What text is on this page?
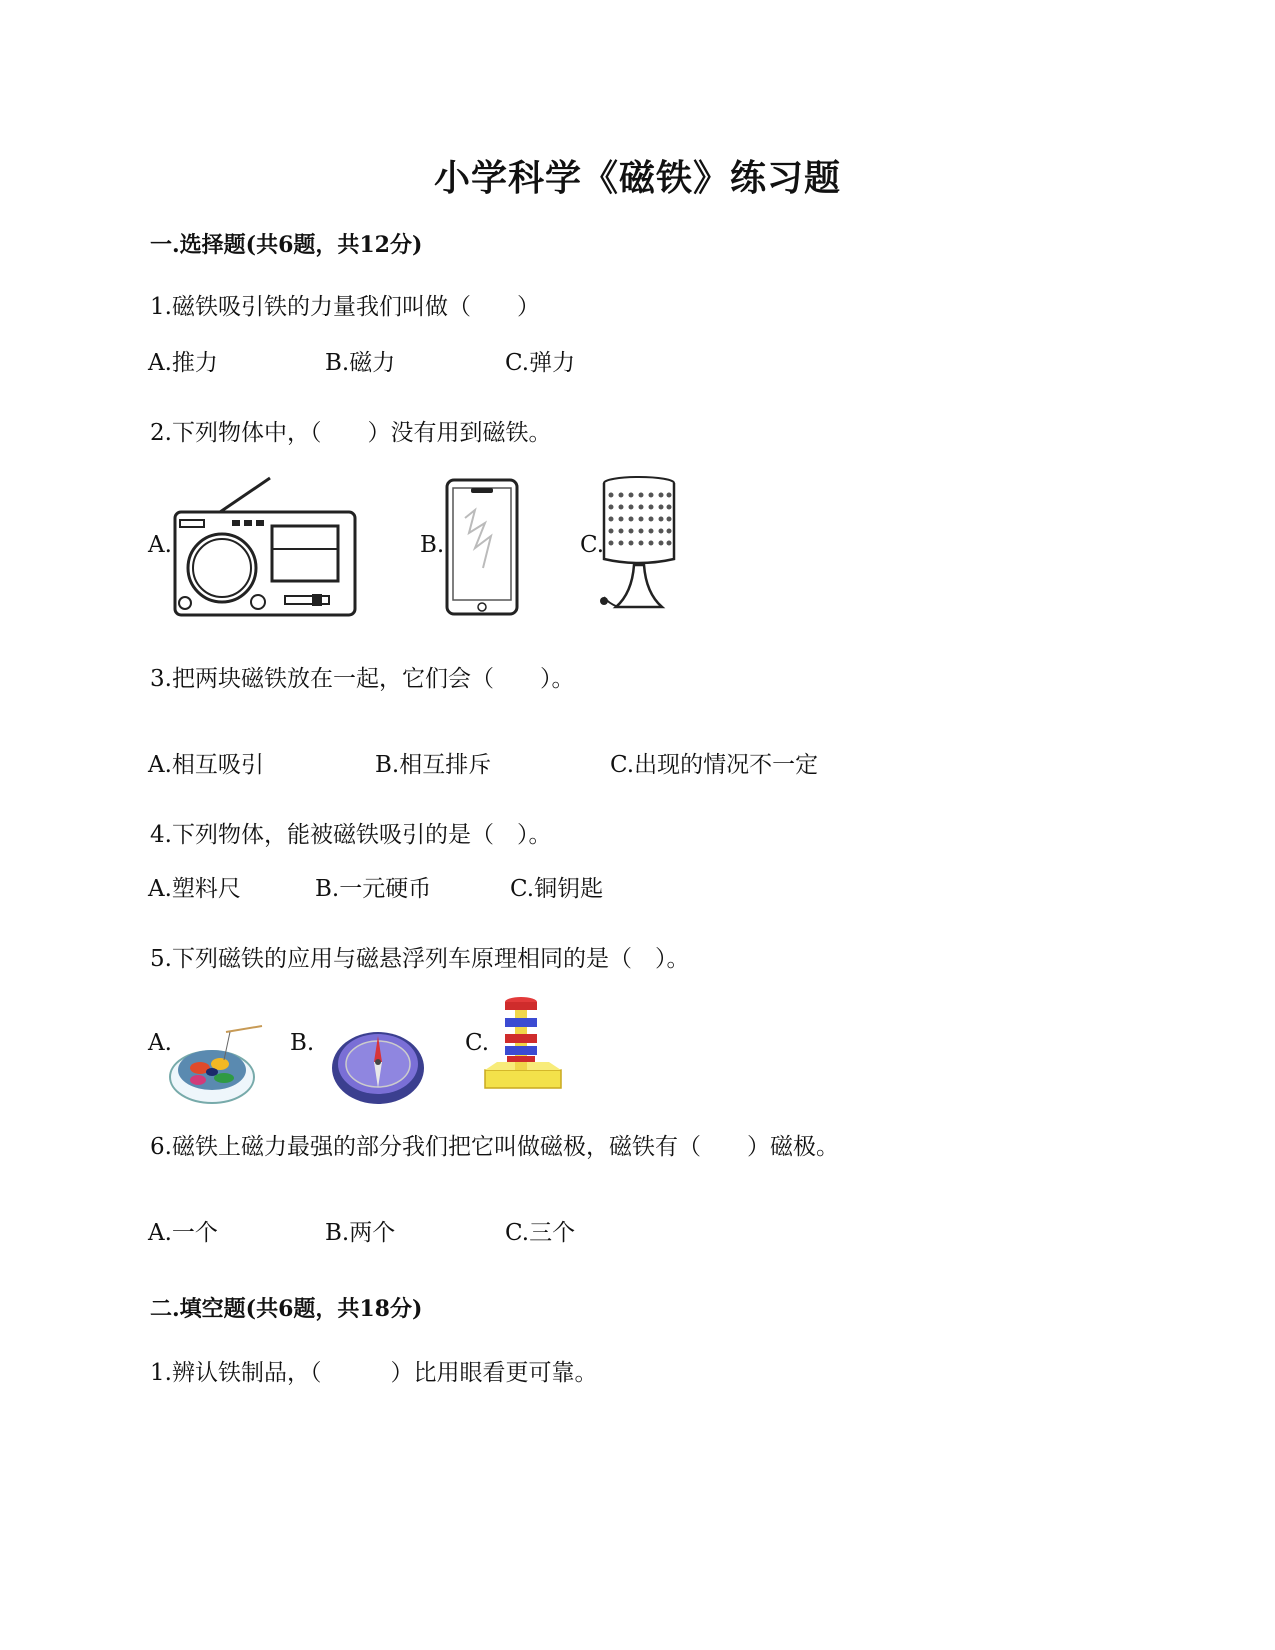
小学科学《磁铁》练习题
一.选择题(共6题，共12分)
1.磁铁吸引铁的力量我们叫做（　　）
A.推力	B.磁力	C.弹力
2.下列物体中，（　　）没有用到磁铁。
A.	B.	C.
3.把两块磁铁放在一起，它们会（　　）。
A.相互吸引	B.相互排斥	C.出现的情况不一定
4.下列物体，能被磁铁吸引的是（　）。
A.塑料尺	B.一元硬币	C.铜钥匙
5.下列磁铁的应用与磁悬浮列车原理相同的是（　）。
A.	B.	C.
6.磁铁上磁力最强的部分我们把它叫做磁极，磁铁有（　　）磁极。
A.一个	B.两个	C.三个
二.填空题(共6题，共18分)
1.辨认铁制品，（　　　）比用眼看更可靠。
